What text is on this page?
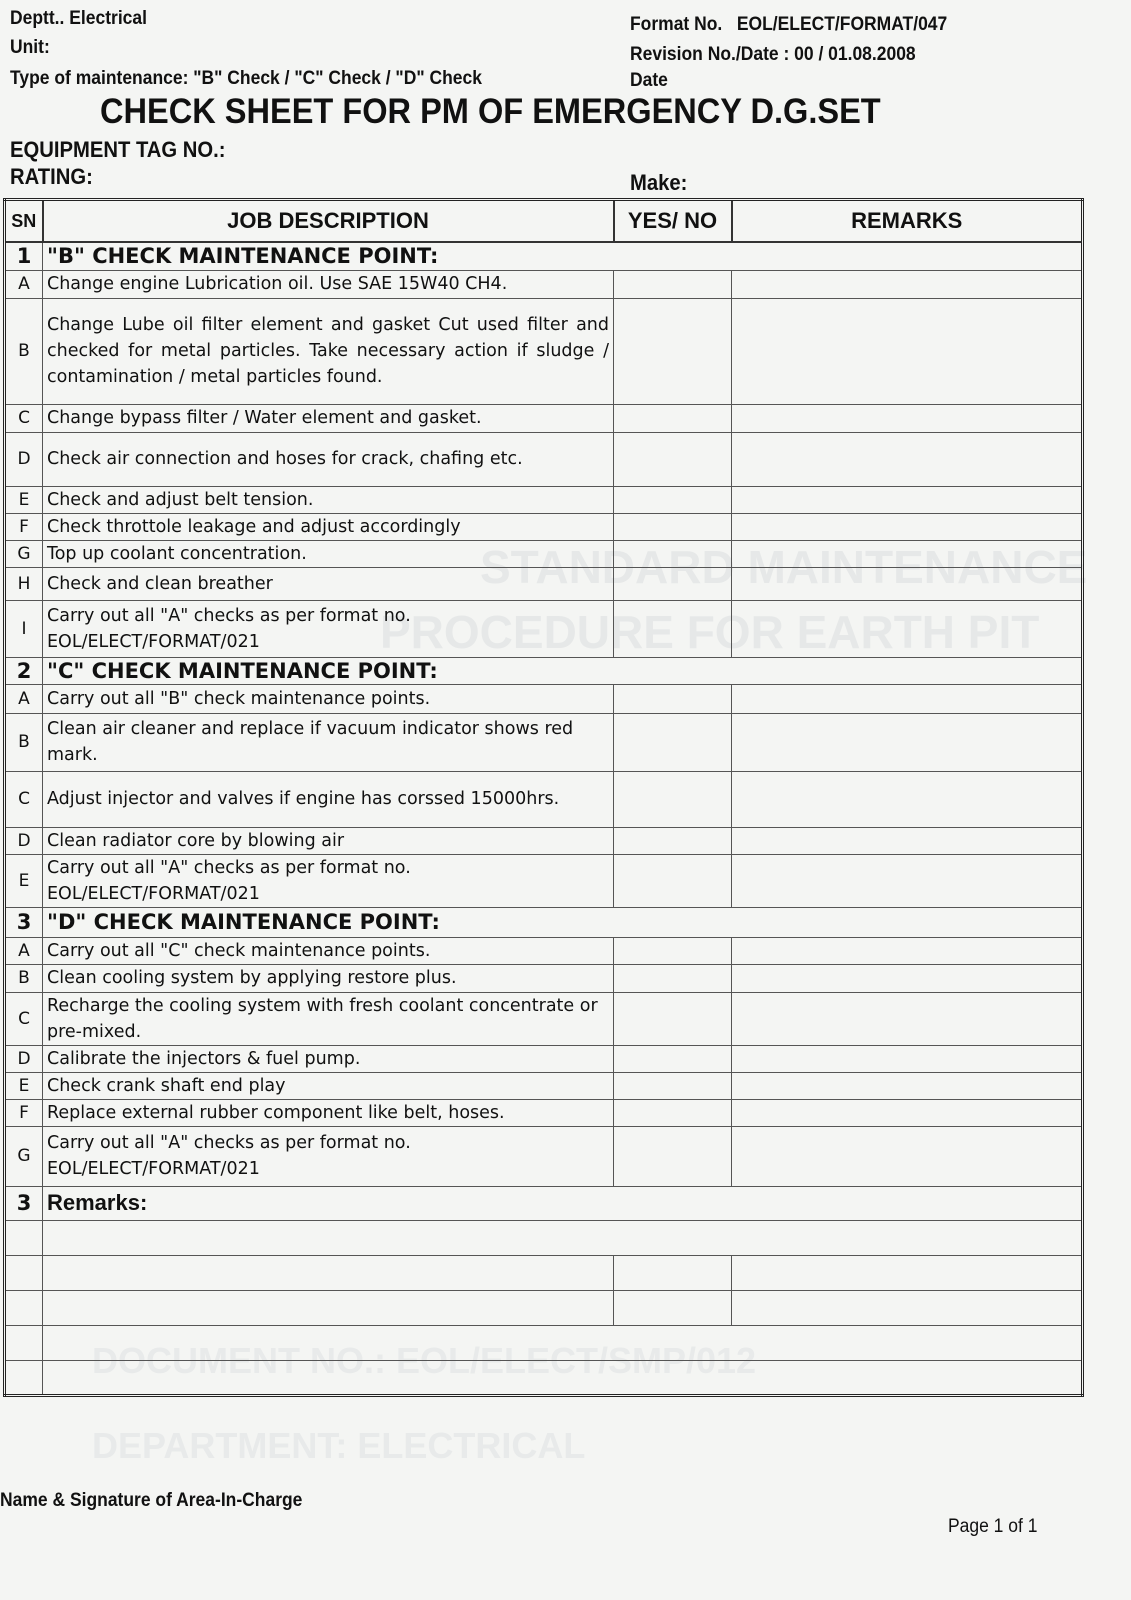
STANDARD MAINTENANCE
PROCEDURE FOR EARTH PIT
DOCUMENT NO.: EOL/ELECT/SMP/012
DEPARTMENT: ELECTRICAL
Deptt.. Electrical
Unit:
Type of maintenance: "B" Check / "C" Check / "D" Check
Format No.   EOL/ELECT/FORMAT/047
Revision No./Date : 00 / 01.08.2008
Date
CHECK SHEET FOR PM OF EMERGENCY D.G.SET
EQUIPMENT TAG NO.:
RATING:	Make:
SN	JOB DESCRIPTION	YES/ NO	REMARKS
1	"B" CHECK MAINTENANCE POINT:		
A	Change engine Lubrication oil. Use SAE 15W40 CH4.		
B	Change Lube oil filter element and gasket Cut used filter and checked for metal particles. Take necessary action if sludge / contamination / metal particles found.		
C	Change bypass filter / Water element and gasket.		
D	Check air connection and hoses for crack, chafing etc.		
E	Check and adjust belt tension.		
F	Check throttole leakage and adjust accordingly		
G	Top up coolant concentration.		
H	Check and clean breather		
I	Carry out all "A" checks as per format no. EOL/ELECT/FORMAT/021		
2	"C" CHECK MAINTENANCE POINT:		
A	Carry out all "B" check maintenance points.		
B	Clean air cleaner and replace if vacuum indicator shows red mark.		
C	Adjust injector and valves if engine has corssed 15000hrs.		
D	Clean radiator core by blowing air		
E	Carry out all "A" checks as per format no. EOL/ELECT/FORMAT/021		
3	"D" CHECK MAINTENANCE POINT:		
A	Carry out all "C" check maintenance points.		
B	Clean cooling system by applying restore plus.		
C	Recharge the cooling system with fresh coolant concentrate or pre-mixed.		
D	Calibrate the injectors & fuel pump.		
E	Check crank shaft end play		
F	Replace external rubber component like belt, hoses.		
G	Carry out all "A" checks as per format no. EOL/ELECT/FORMAT/021		
3	Remarks:		

Name & Signature of Area-In-Charge
Page 1 of 1
